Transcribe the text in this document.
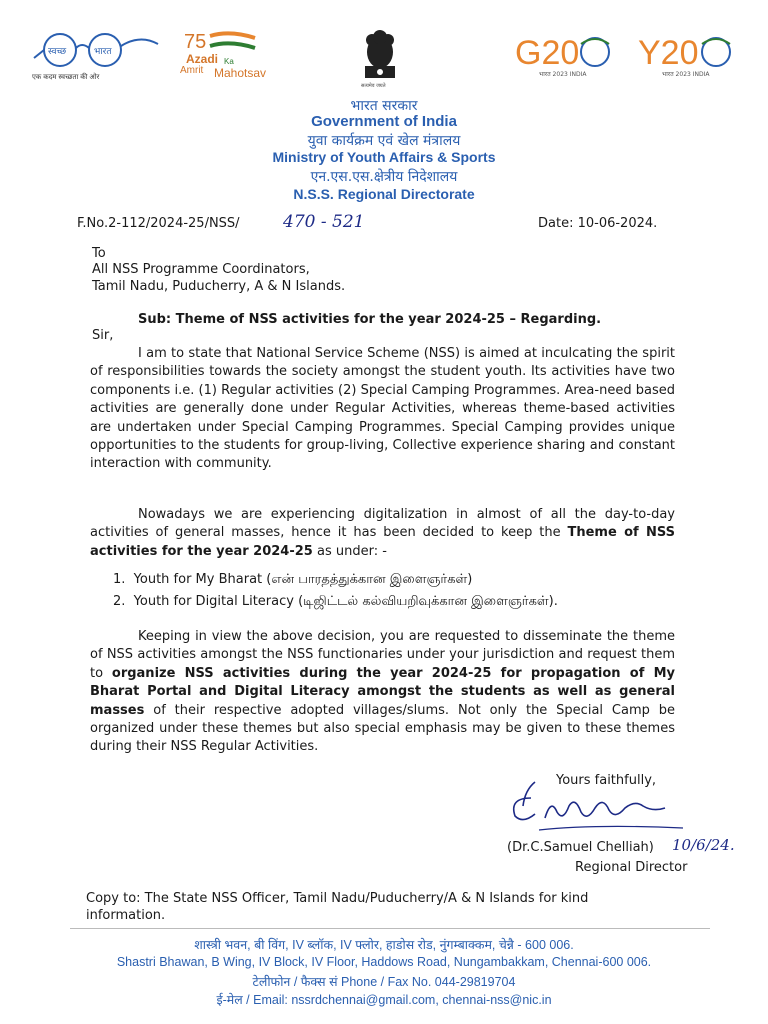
स्वच्छ	भारत
एक कदम स्वच्छता की ओर
75
Azadi Ka
Amrit Mahotsav
सत्यमेव जयते
G20
भारत 2023 INDIA
Y20
भारत 2023 INDIA
भारत सरकार
Government of India
युवा कार्यक्रम एवं खेल मंत्रालय
Ministry of Youth Affairs & Sports
एन.एस.एस.क्षेत्रीय निदेशालय
N.S.S. Regional Directorate
F.No.2-112/2024-25/NSS/	470 - 521	Date: 10-06-2024.
To
All NSS Programme Coordinators,
Tamil Nadu, Puducherry, A & N Islands.
Sub: Theme of NSS activities for the year 2024-25 – Regarding.
Sir,
I am to state that National Service Scheme (NSS) is aimed at inculcating the spirit of responsibilities towards the society amongst the student youth. Its activities have two components i.e. (1) Regular activities (2) Special Camping Programmes. Area-need based activities are generally done under Regular Activities, whereas theme-based activities are undertaken under Special Camping Programmes. Special Camping provides unique opportunities to the students for group-living, Collective experience sharing and constant interaction with community.
Nowadays we are experiencing digitalization in almost of all the day-to-day activities of general masses, hence it has been decided to keep the Theme of NSS activities for the year 2024-25 as under: -
1.  Youth for My Bharat (என் பாரதத்துக்கான இளைஞர்கள்)
2.  Youth for Digital Literacy (டிஜிட்டல் கல்வியறிவுக்கான இளைஞர்கள்).
Keeping in view the above decision, you are requested to disseminate the theme of NSS activities amongst the NSS functionaries under your jurisdiction and request them to organize NSS activities during the year 2024-25 for propagation of My Bharat Portal and Digital Literacy amongst the students as well as general masses of their respective adopted villages/slums. Not only the Special Camp be organized under these themes but also special emphasis may be given to these themes during their NSS Regular Activities.
Yours faithfully,
(Dr.C.Samuel Chelliah) 10/6/24.
Regional Director
Copy to: The State NSS Officer, Tamil Nadu/Puducherry/A & N Islands for kind
information.
शास्त्री भवन, बी विंग, IV ब्लॉक, IV फ्लोर, हाडोस रोड, नुंगम्बाक्कम, चेन्नै - 600 006.
Shastri Bhawan, B Wing, IV Block, IV Floor, Haddows Road, Nungambakkam, Chennai-600 006.
टेलीफोन / फैक्स सं Phone / Fax No. 044-29819704
ई-मेल / Email: nssrdchennai@gmail.com, chennai-nss@nic.in
